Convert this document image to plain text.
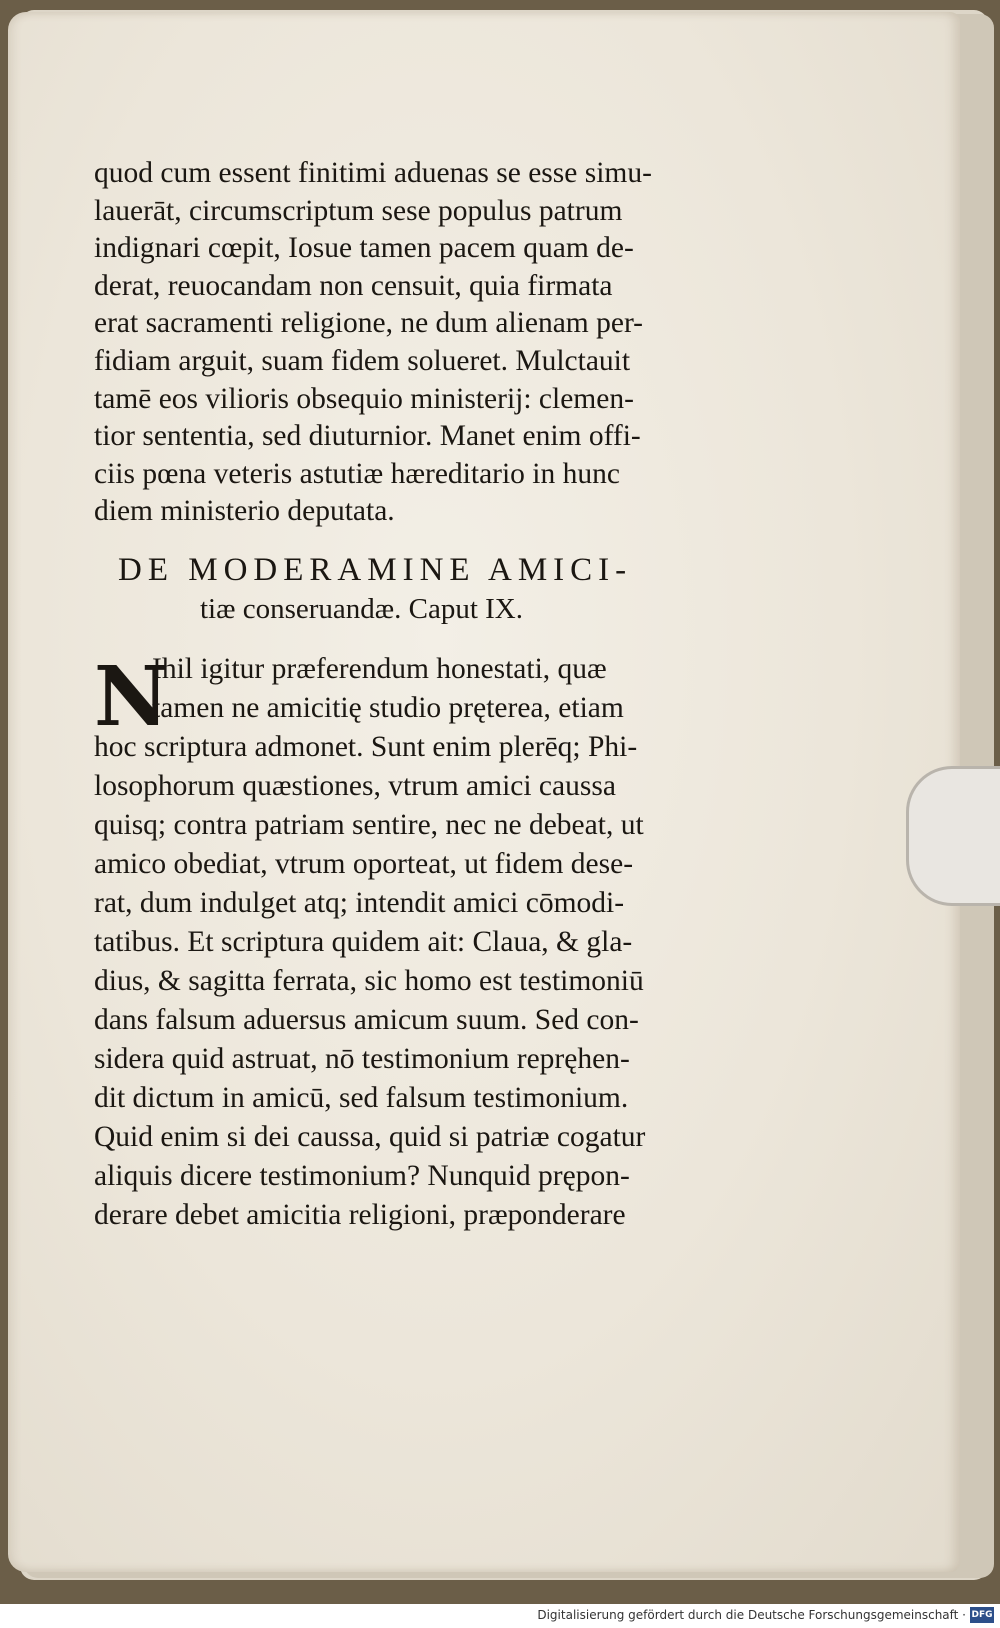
quod cum essent finitimi aduenas se esse simu-
lauerāt, circumscriptum sese populus patrum
indignari cœpit, Iosue tamen pacem quam de-
derat, reuocandam non censuit, quia firmata
erat sacramenti religione, ne dum alienam per-
fidiam arguit, suam fidem solueret. Mulctauit
tamē eos vilioris obsequio ministerij: clemen-
tior sententia, sed diuturnior. Manet enim offi-
ciis pœna veteris astutiæ hæreditario in hunc
diem ministerio deputata.
DE MODERAMINE AMICI-
tiæ conseruandæ. Caput IX.
N
Ihil igitur præferendum honestati, quæ
tamen ne amicitię studio pręterea, etiam
hoc scriptura admonet. Sunt enim plerēq; Phi-
losophorum quæstiones, vtrum amici caussa
quisq; contra patriam sentire, nec ne debeat, ut
amico obediat, vtrum oporteat, ut fidem dese-
rat, dum indulget atq; intendit amici cōmodi-
tatibus. Et scriptura quidem ait: Claua, & gla-
dius, & sagitta ferrata, sic homo est testimoniū
dans falsum aduersus amicum suum. Sed con-
sidera quid astruat, nō testimonium repręhen-
dit dictum in amicū, sed falsum testimonium.
Quid enim si dei caussa, quid si patriæ cogatur
aliquis dicere testimonium? Nunquid prępon-
derare debet amicitia religioni, præponderare
Digitalisierung gefördert durch die Deutsche Forschungsgemeinschaft · DFG
